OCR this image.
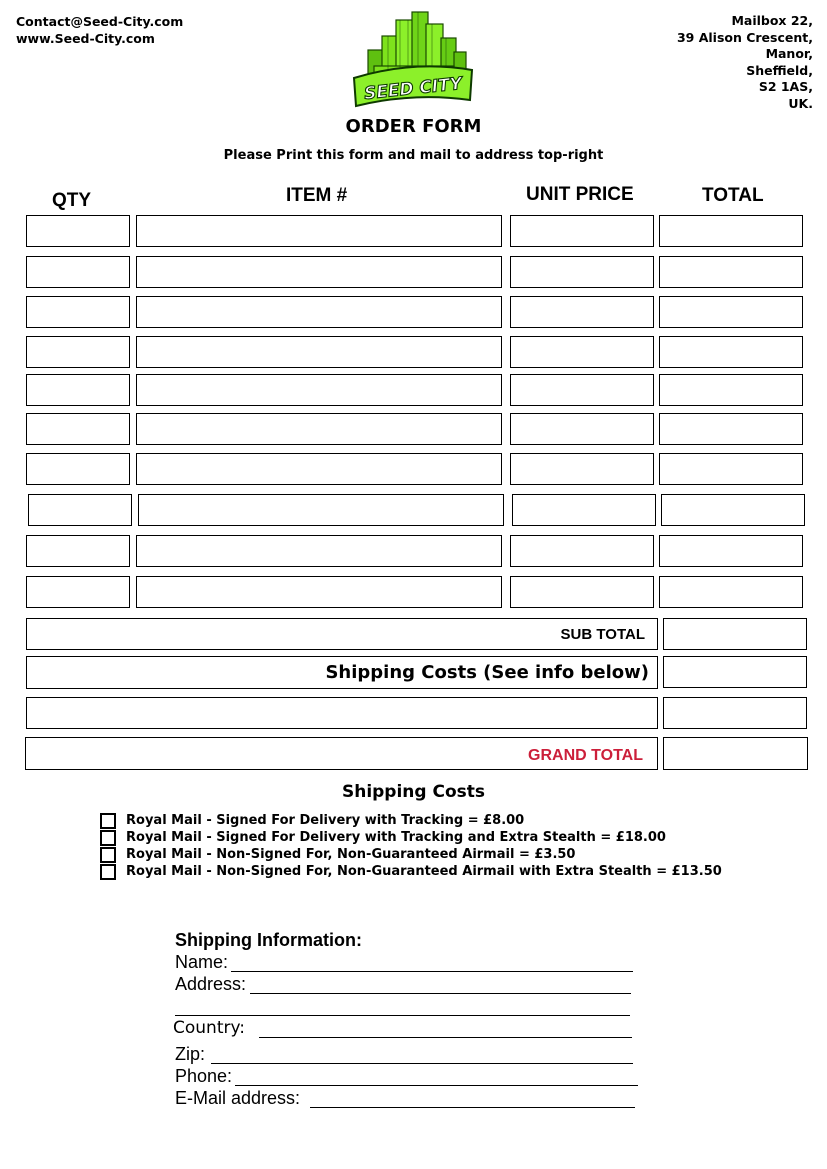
Contact@Seed-City.com
www.Seed-City.com
Mailbox 22,
39 Alison Crescent,
Manor,
Sheffield,
S2 1AS,
UK.
SEED CITY
ORDER FORM
Please Print this form and mail to address top-right
QTY	ITEM #	UNIT PRICE	TOTAL
SUB TOTAL
Shipping Costs (See info below)
GRAND TOTAL
Shipping Costs
Royal Mail - Signed For Delivery with Tracking = £8.00
Royal Mail - Signed For Delivery with Tracking and Extra Stealth = £18.00
Royal Mail - Non-Signed For, Non-Guaranteed Airmail = £3.50
Royal Mail - Non-Signed For, Non-Guaranteed Airmail with Extra Stealth = £13.50
Shipping Information:
Name:
Address:
Country:
Zip:
Phone:
E-Mail address:
